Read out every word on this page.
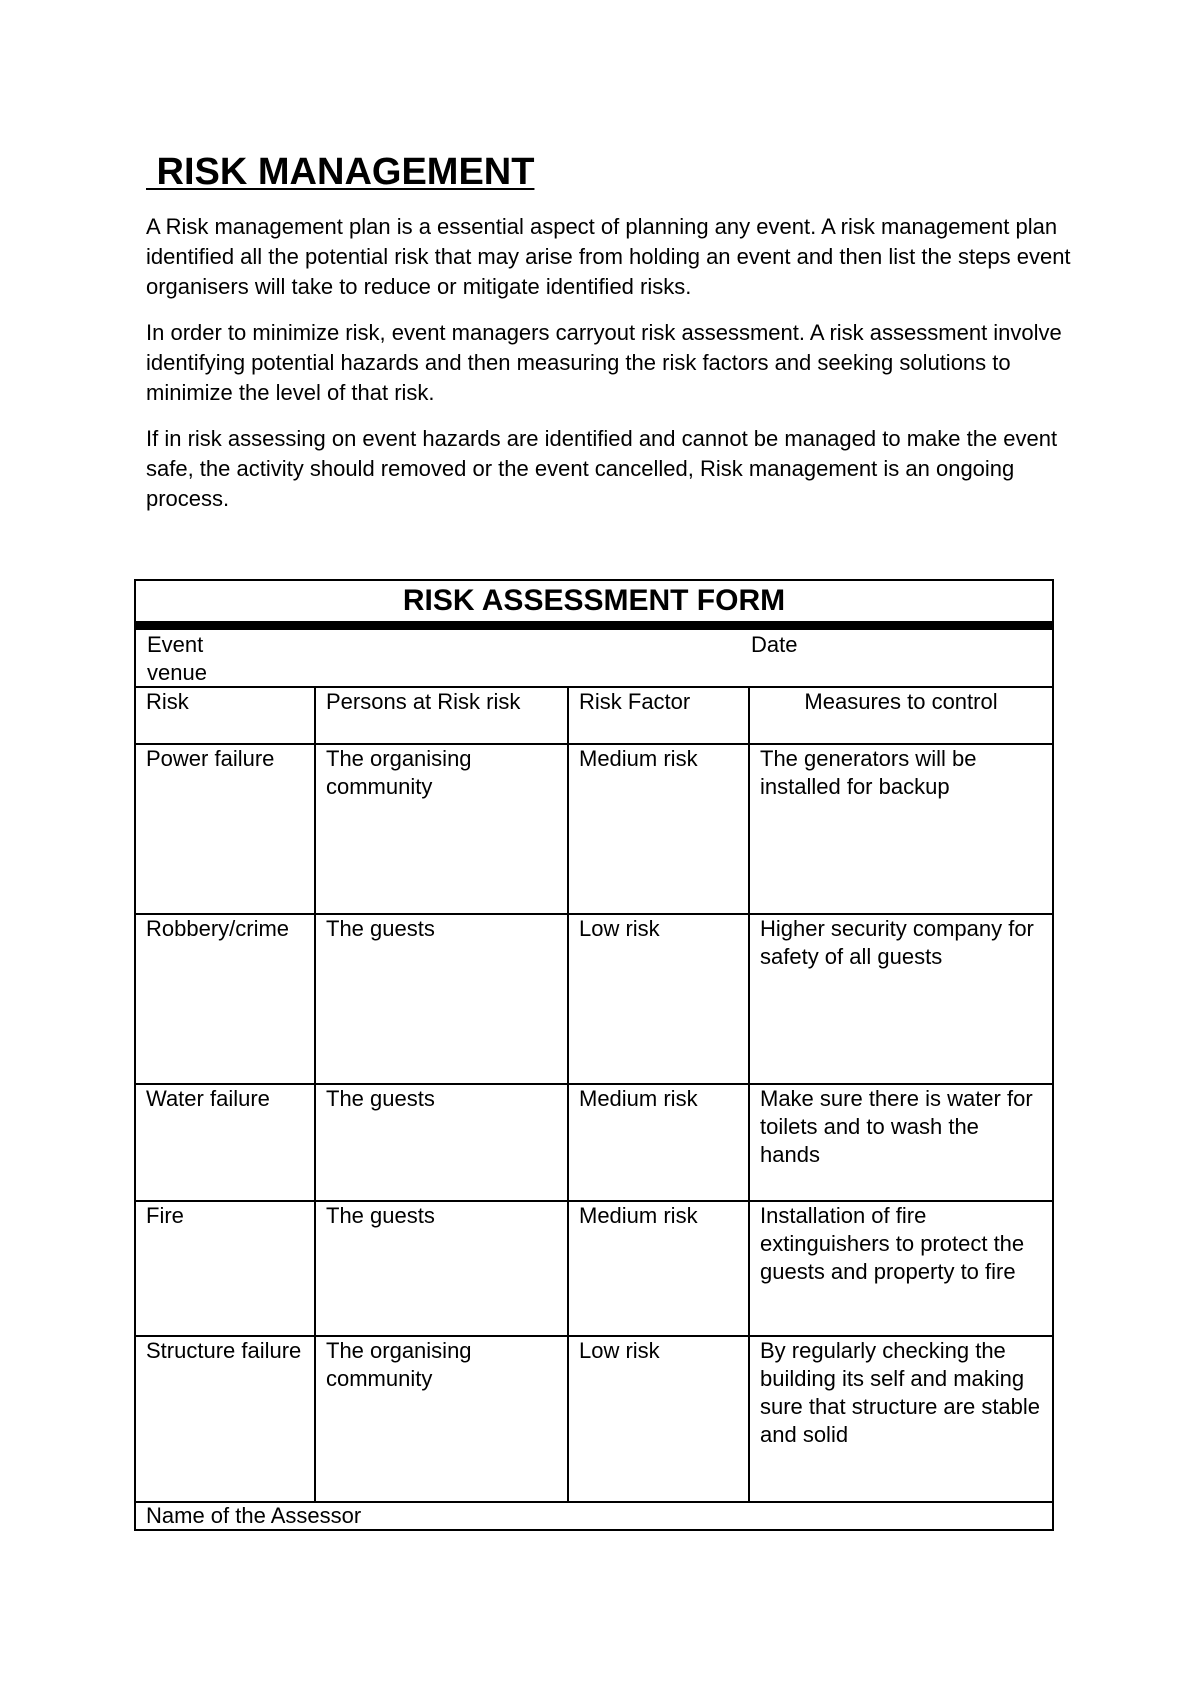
RISK MANAGEMENT

A Risk management plan is a essential aspect of planning any event. A risk management plan identified all the potential risk that may arise from holding an event and then list the steps event organisers will take to reduce or mitigate identified risks.

In order to minimize risk, event managers carryout risk assessment. A risk assessment involve identifying potential hazards and then measuring the risk factors and seeking solutions to minimize the level of that risk.

If in risk assessing on event hazards are identified and cannot be managed to make the event safe, the activity should removed or the event cancelled, Risk management is an ongoing process.

RISK ASSESSMENT FORM			

Event venue
Date			

Risk	Persons at Risk risk	Risk Factor	Measures to control
Power failure	The organising community	Medium risk	The generators will be installed for backup
Robbery/crime	The guests	Low risk	Higher security company for safety of all guests
Water failure	The guests	Medium risk	Make sure there is water for toilets and to wash the hands
Fire	The guests	Medium risk	Installation of fire extinguishers to protect the guests and property to fire
Structure failure	The organising community	Low risk	By regularly checking the building its self and making sure that structure are stable and solid
Name of the Assessor			
